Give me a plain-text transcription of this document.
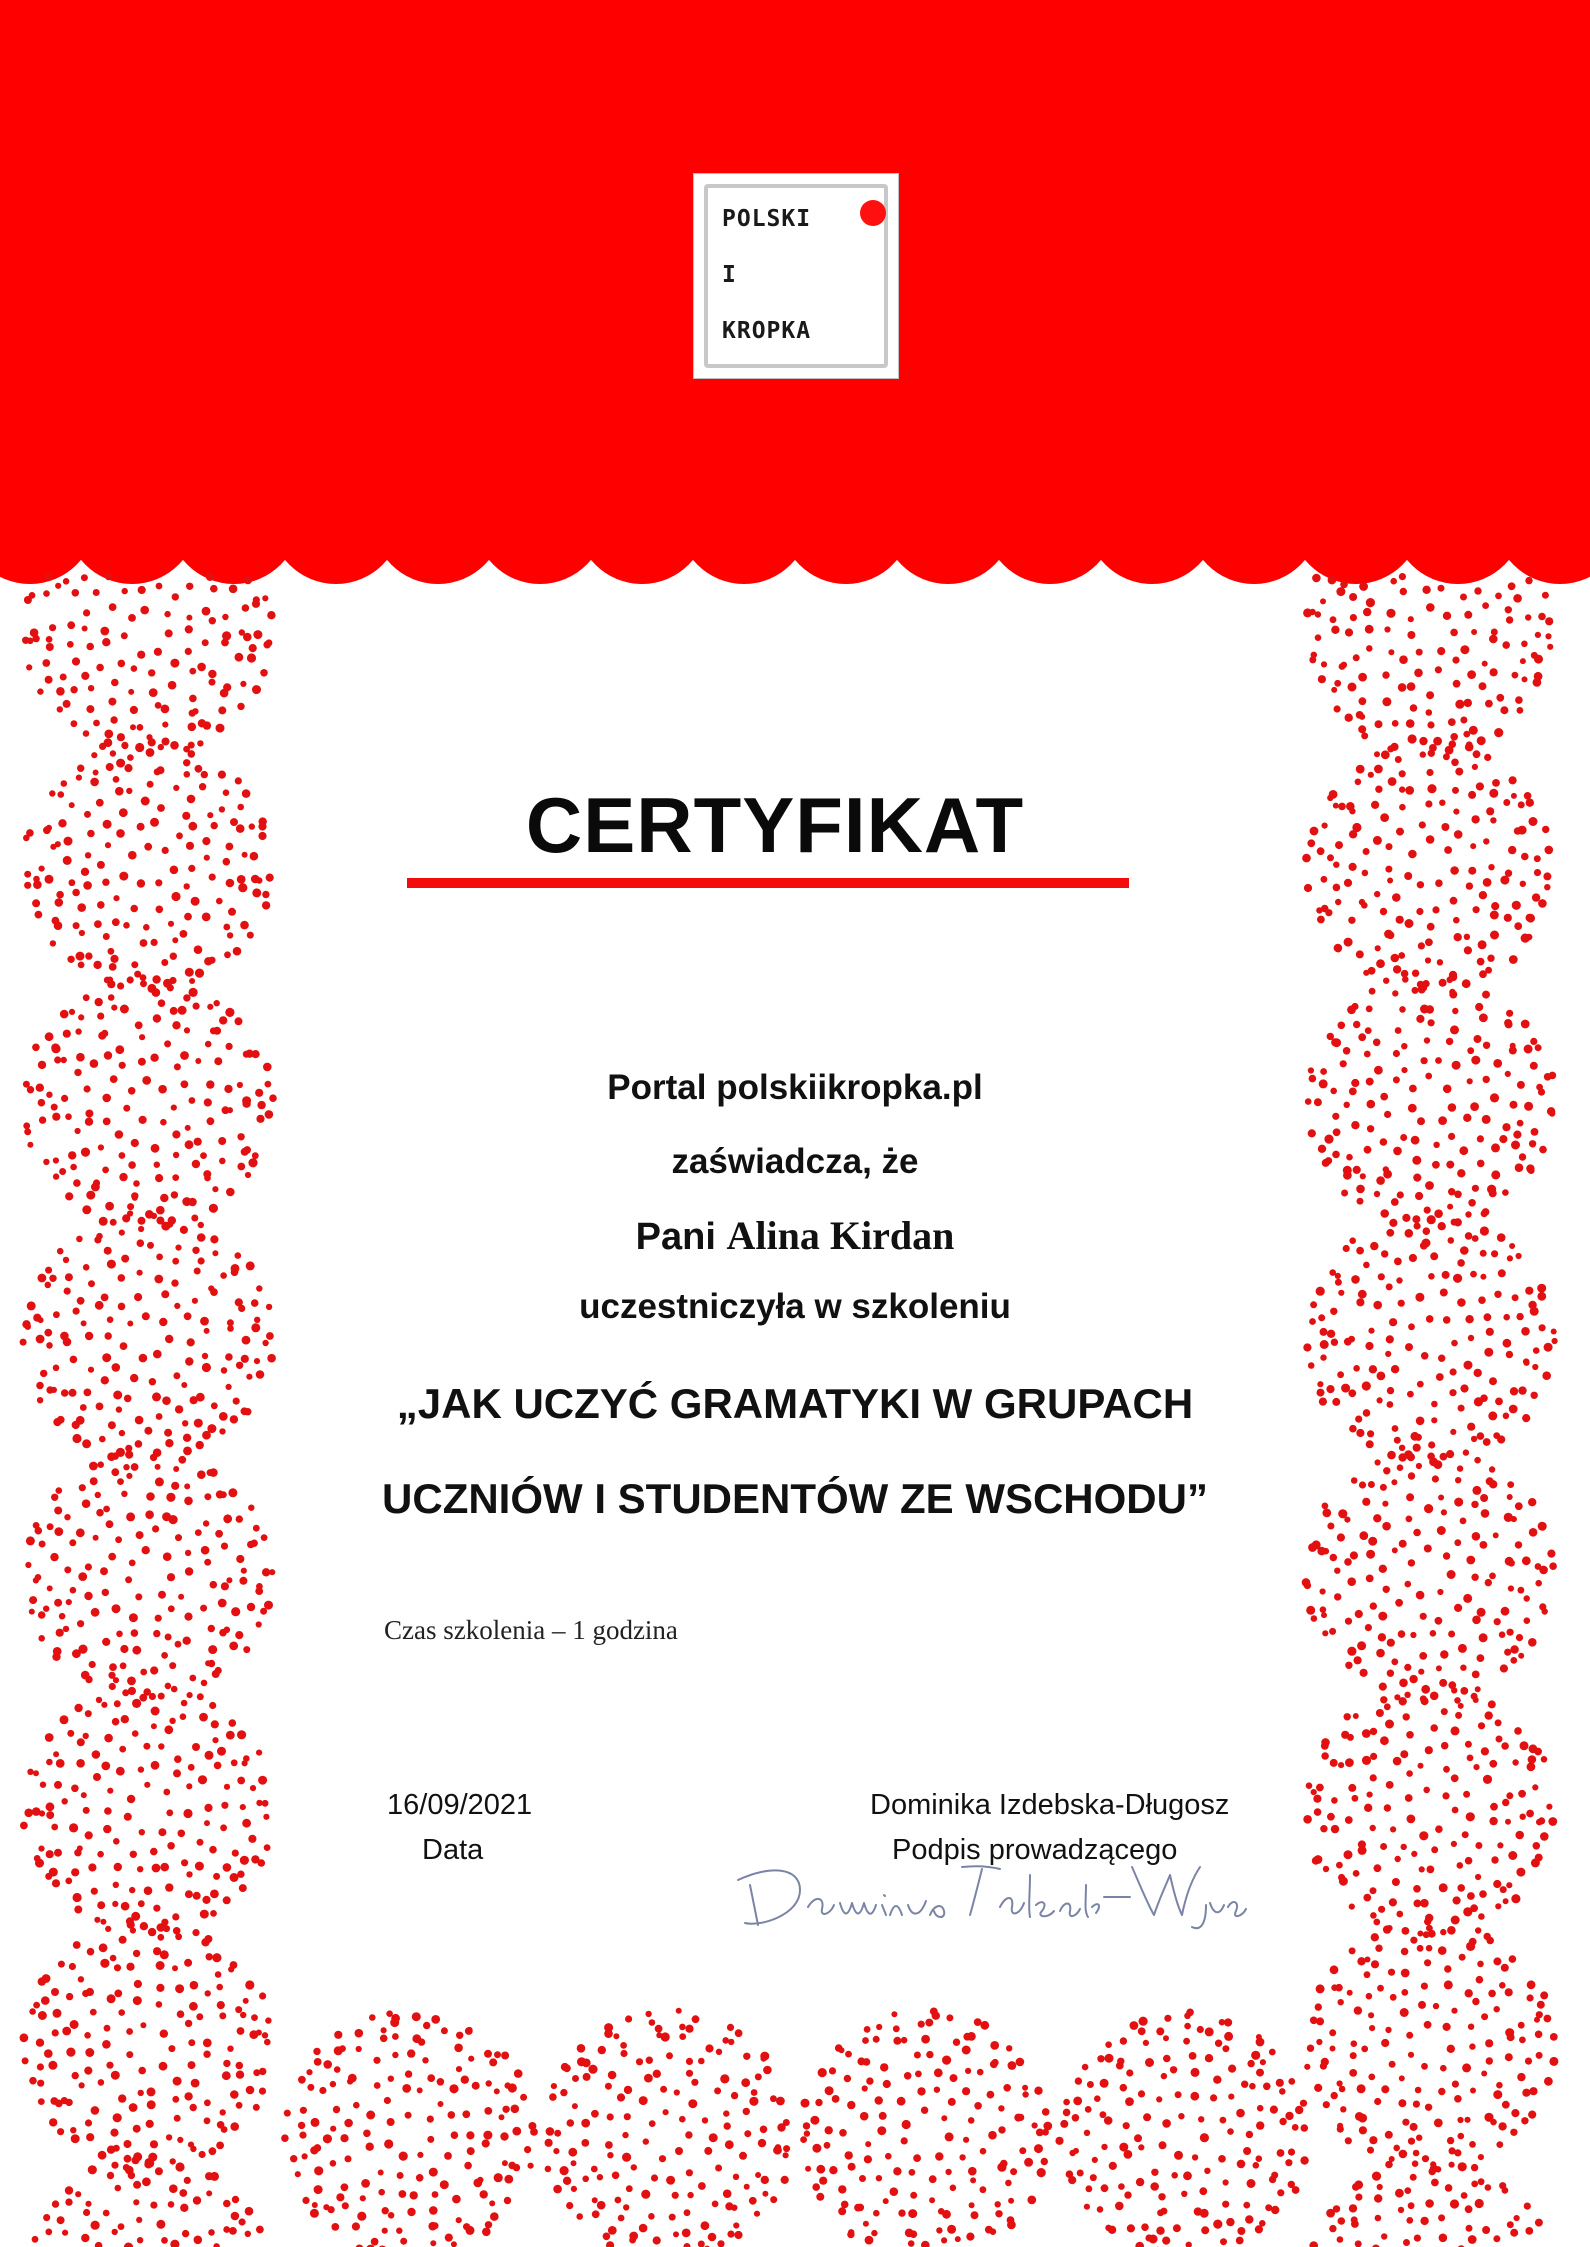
POLSKI
I
KROPKA
CERTYFIKAT
Portal polskiikropka.pl
zaświadcza, że
Pani Alina Kirdan
uczestniczyła w szkoleniu
„JAK UCZYĆ GRAMATYKI W GRUPACH
UCZNIÓW I STUDENTÓW ZE WSCHODU”
Czas szkolenia – 1 godzina
16/09/2021
Data
Dominika Izdebska-Długosz
Podpis prowadzącego
